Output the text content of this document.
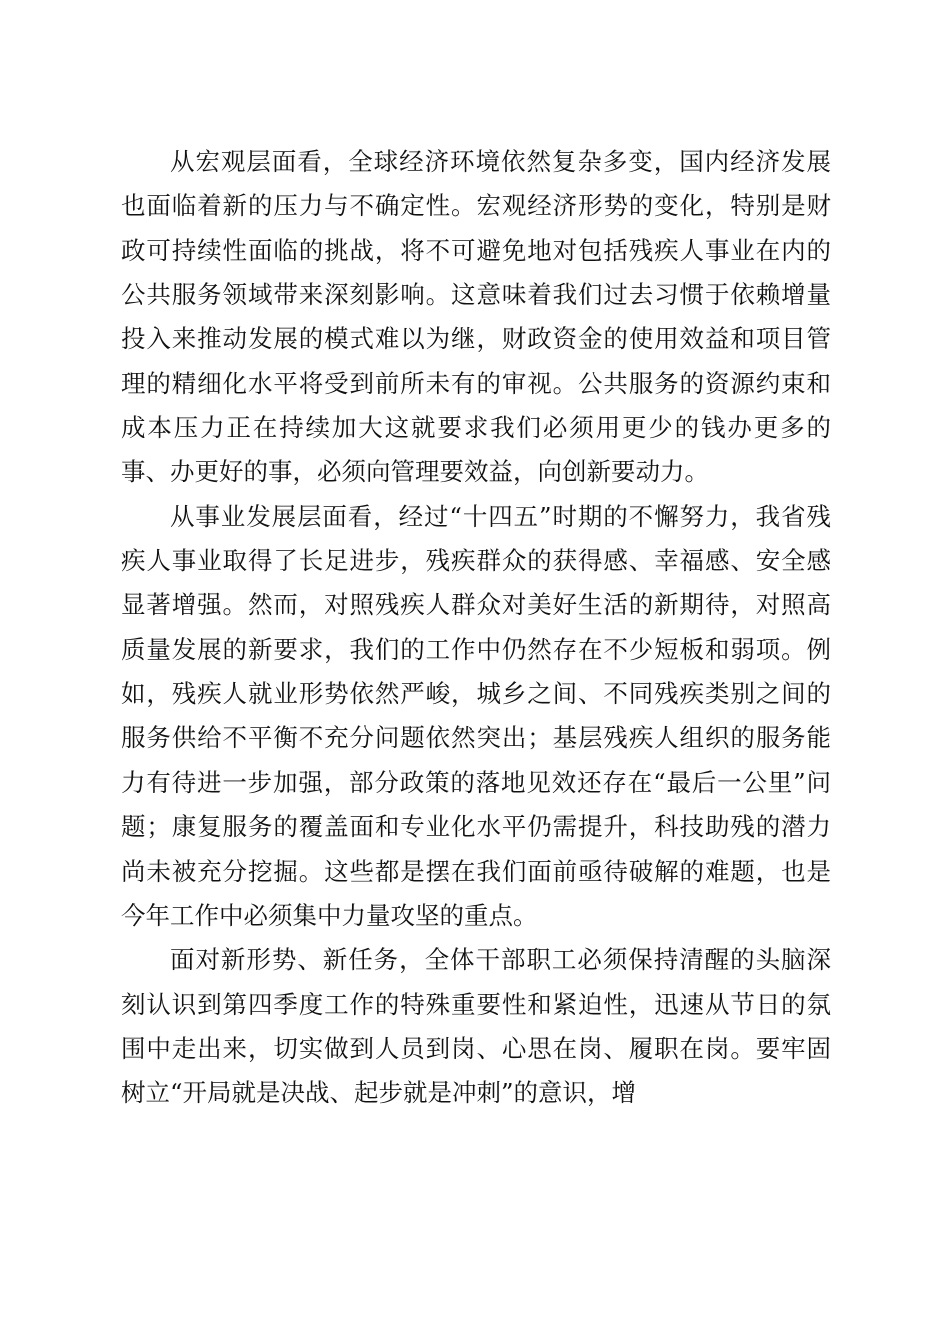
从宏观层面看，全球经济环境依然复杂多变，国内经济发展也面临着新的压力与不确定性。宏观经济形势的变化，特别是财政可持续性面临的挑战，将不可避免地对包括残疾人事业在内的公共服务领域带来深刻影响。这意味着我们过去习惯于依赖增量投入来推动发展的模式难以为继，财政资金的使用效益和项目管理的精细化水平将受到前所未有的审视。公共服务的资源约束和成本压力正在持续加大这就要求我们必须用更少的钱办更多的事、办更好的事，必须向管理要效益，向创新要动力。

从事业发展层面看，经过“十四五”时期的不懈努力，我省残疾人事业取得了长足进步，残疾群众的获得感、幸福感、安全感显著增强。然而，对照残疾人群众对美好生活的新期待，对照高质量发展的新要求，我们的工作中仍然存在不少短板和弱项。例如，残疾人就业形势依然严峻，城乡之间、不同残疾类别之间的服务供给不平衡不充分问题依然突出；基层残疾人组织的服务能力有待进一步加强，部分政策的落地见效还存在“最后一公里”问题；康复服务的覆盖面和专业化水平仍需提升，科技助残的潜力尚未被充分挖掘。这些都是摆在我们面前亟待破解的难题，也是今年工作中必须集中力量攻坚的重点。

面对新形势、新任务，全体干部职工必须保持清醒的头脑深刻认识到第四季度工作的特殊重要性和紧迫性，迅速从节日的氛围中走出来，切实做到人员到岗、心思在岗、履职在岗。要牢固树立“开局就是决战、起步就是冲刺”的意识，增
